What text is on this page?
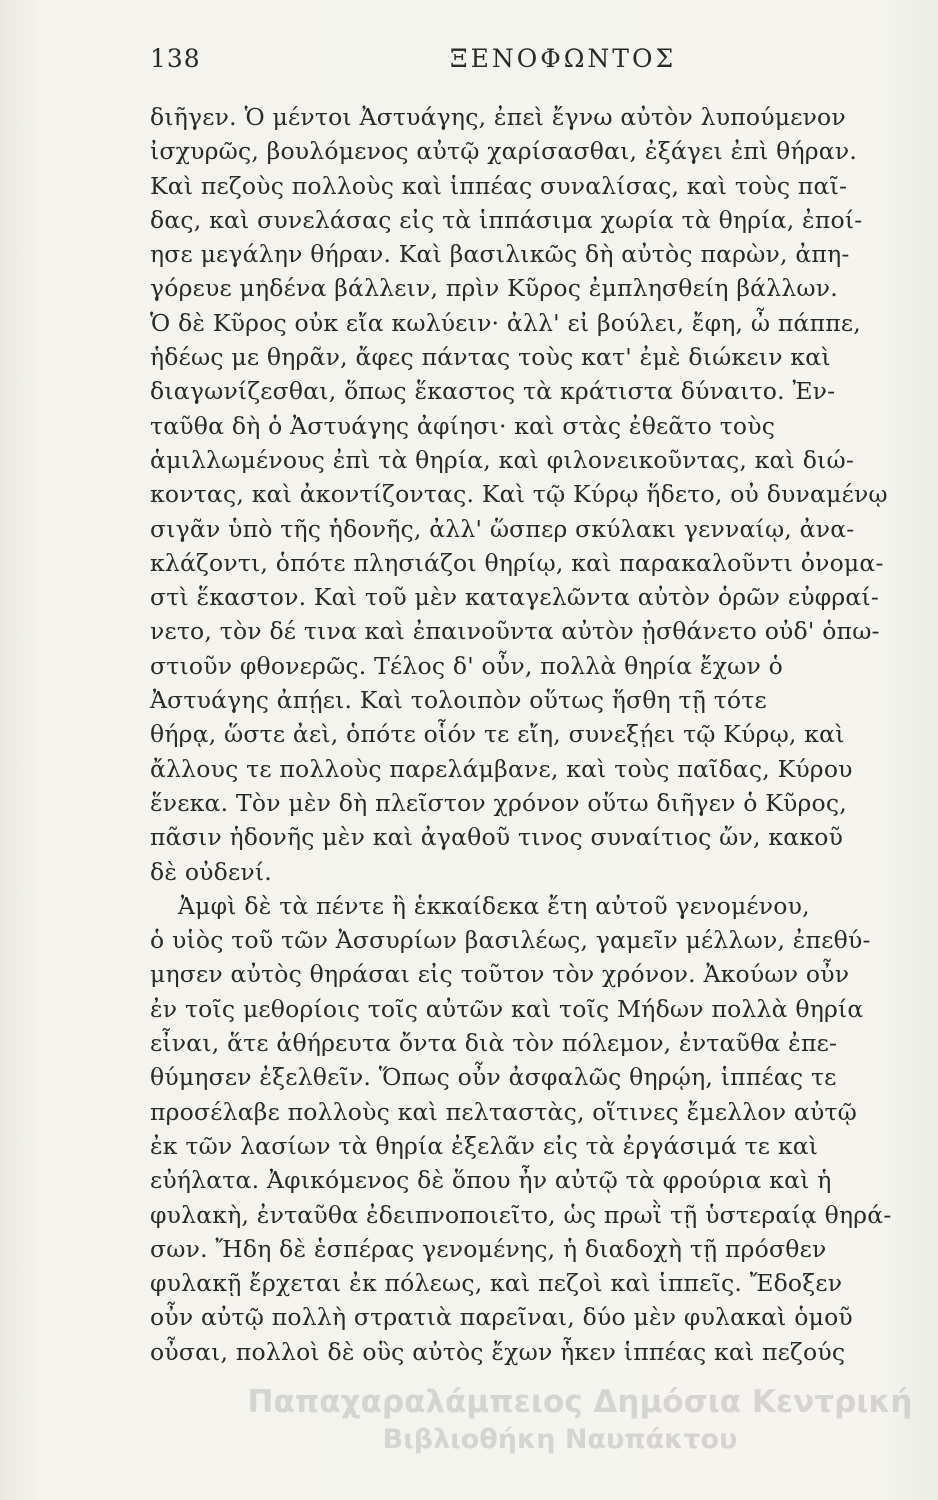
138	ΞΕΝΟΦΩΝΤΟΣ
διῆγεν. Ὁ μέντοι Ἀστυάγης, ἐπεὶ ἔγνω αὐτὸν λυπούμενον
ἰσχυρῶς, βουλόμενος αὐτῷ χαρίσασθαι, ἐξάγει ἐπὶ θήραν.
Καὶ πεζοὺς πολλοὺς καὶ ἱππέας συναλίσας, καὶ τοὺς παῖ-
δας, καὶ συνελάσας εἰς τὰ ἱππάσιμα χωρία τὰ θηρία, ἐποί-
ησε μεγάλην θήραν. Καὶ βασιλικῶς δὴ αὐτὸς παρὼν, ἀπη-
γόρευε μηδένα βάλλειν, πρὶν Κῦρος ἐμπλησθείη βάλλων.
Ὁ δὲ Κῦρος οὐκ εἴα κωλύειν· ἀλλ' εἰ βούλει, ἔφη, ὦ πάππε,
ἡδέως με θηρᾶν, ἄφες πάντας τοὺς κατ' ἐμὲ διώκειν καὶ
διαγωνίζεσθαι, ὅπως ἕκαστος τὰ κράτιστα δύναιτο. Ἐν-
ταῦθα δὴ ὁ Ἀστυάγης ἀφίησι· καὶ στὰς ἐθεᾶτο τοὺς
ἁμιλλωμένους ἐπὶ τὰ θηρία, καὶ φιλονεικοῦντας, καὶ διώ-
κοντας, καὶ ἀκοντίζοντας. Καὶ τῷ Κύρῳ ἥδετο, οὐ δυναμένῳ
σιγᾶν ὑπὸ τῆς ἡδονῆς, ἀλλ' ὥσπερ σκύλακι γενναίῳ, ἀνα-
κλάζοντι, ὁπότε πλησιάζοι θηρίῳ, καὶ παρακαλοῦντι ὀνομα-
στὶ ἕκαστον. Καὶ τοῦ μὲν καταγελῶντα αὐτὸν ὁρῶν εὐφραί-
νετο, τὸν δέ τινα καὶ ἐπαινοῦντα αὐτὸν ᾐσθάνετο οὐδ' ὁπω-
στιοῦν φθονερῶς. Τέλος δ' οὖν, πολλὰ θηρία ἔχων ὁ
Ἀστυάγης ἀπῄει. Καὶ τολοιπὸν οὕτως ἥσθη τῇ τότε
θήρᾳ, ὥστε ἀεὶ, ὁπότε οἷόν τε εἴη, συνεξῄει τῷ Κύρῳ, καὶ
ἄλλους τε πολλοὺς παρελάμβανε, καὶ τοὺς παῖδας, Κύρου
ἕνεκα. Τὸν μὲν δὴ πλεῖστον χρόνον οὕτω διῆγεν ὁ Κῦρος,
πᾶσιν ἡδονῆς μὲν καὶ ἀγαθοῦ τινος συναίτιος ὤν, κακοῦ
δὲ οὐδενί.
Ἀμφὶ δὲ τὰ πέντε ἢ ἑκκαίδεκα ἔτη αὐτοῦ γενομένου,
ὁ υἱὸς τοῦ τῶν Ἀσσυρίων βασιλέως, γαμεῖν μέλλων, ἐπεθύ-
μησεν αὐτὸς θηράσαι εἰς τοῦτον τὸν χρόνον. Ἀκούων οὖν
ἐν τοῖς μεθορίοις τοῖς αὐτῶν καὶ τοῖς Μήδων πολλὰ θηρία
εἶναι, ἅτε ἀθήρευτα ὄντα διὰ τὸν πόλεμον, ἐνταῦθα ἐπε-
θύμησεν ἐξελθεῖν. Ὅπως οὖν ἀσφαλῶς θηρῴη, ἱππέας τε
προσέλαβε πολλοὺς καὶ πελταστὰς, οἵτινες ἔμελλον αὐτῷ
ἐκ τῶν λασίων τὰ θηρία ἐξελᾶν εἰς τὰ ἐργάσιμά τε καὶ
εὐήλατα. Ἀφικόμενος δὲ ὅπου ἦν αὐτῷ τὰ φρούρια καὶ ἡ
φυλακὴ, ἐνταῦθα ἐδειπνοποιεῖτο, ὡς πρωῒ τῇ ὑστεραίᾳ θηρά-
σων. Ἤδη δὲ ἑσπέρας γενομένης, ἡ διαδοχὴ τῇ πρόσθεν
φυλακῇ ἔρχεται ἐκ πόλεως, καὶ πεζοὶ καὶ ἱππεῖς. Ἔδοξεν
οὖν αὐτῷ πολλὴ στρατιὰ παρεῖναι, δύο μὲν φυλακαὶ ὁμοῦ
οὖσαι, πολλοὶ δὲ οὓς αὐτὸς ἔχων ἧκεν ἱππέας καὶ πεζούς
Παπαχαραλάμπειος Δημόσια Κεντρική
Βιβλιοθήκη Ναυπάκτου
